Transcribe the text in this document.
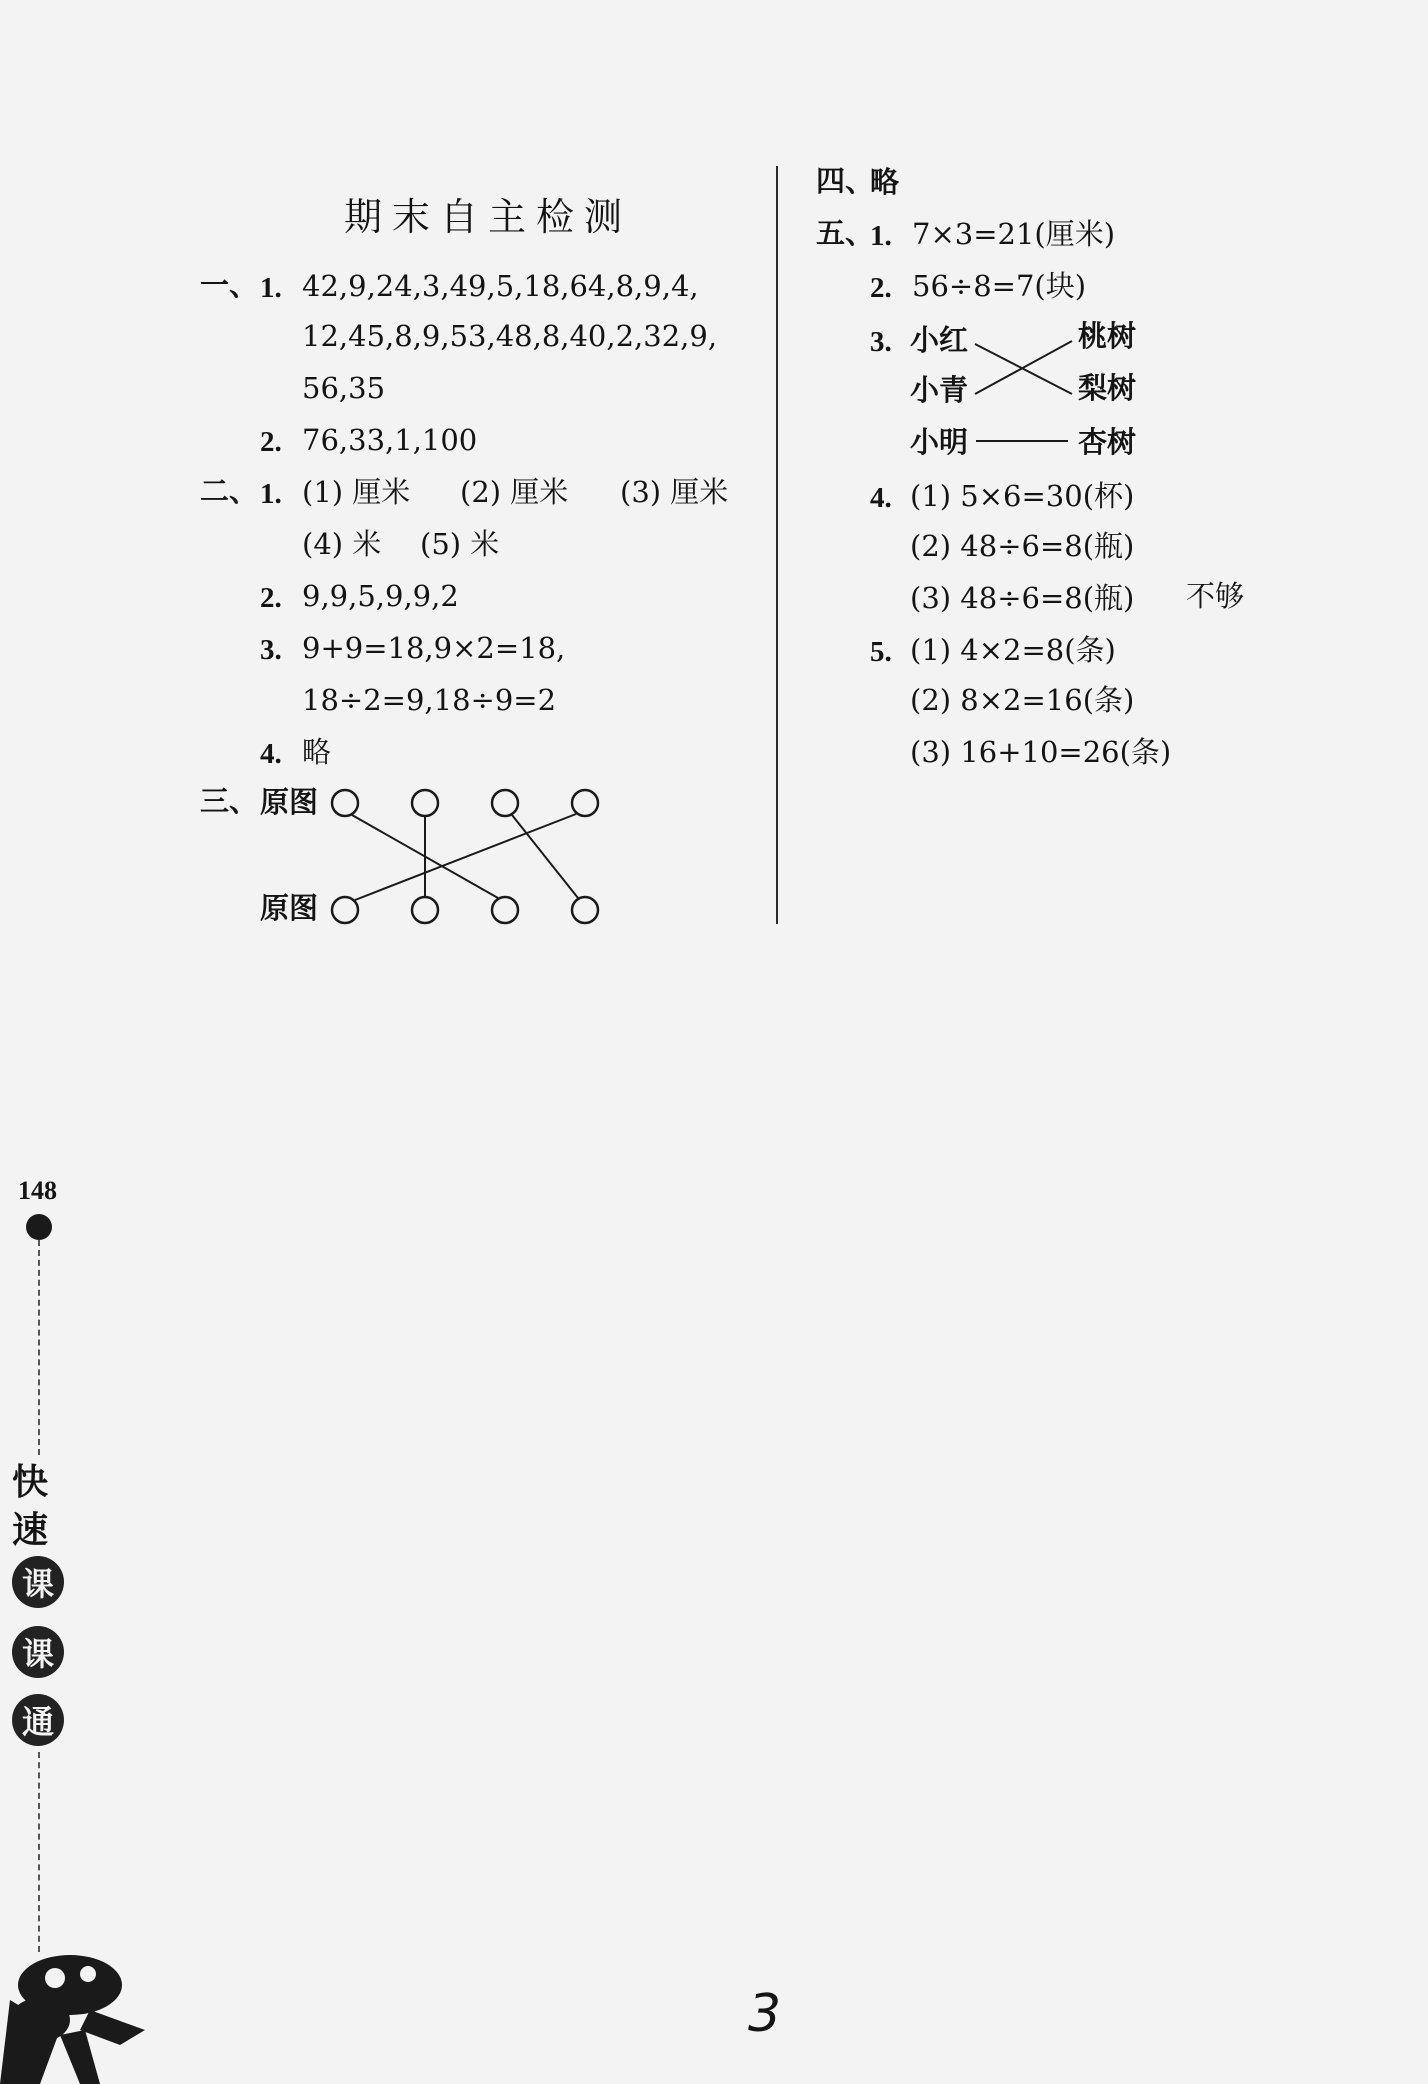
期末自主检测
一、 1. 42,9,24,3,49,5,18,64,8,9,4,
12,45,8,9,53,48,8,40,2,32,9,
56,35
2. 76,33,1,100
二、 1. (1) 厘米 (2) 厘米 (3) 厘米
(4) 米 (5) 米
2. 9,9,5,9,9,2
3. 9+9=18,9×2=18,
18÷2=9,18÷9=2
4. 略
三、 原图
原图
四、
略
五、
1. 7×3=21(厘米)
2. 56÷8=7(块)
3. 小红
小青
小明
桃树
梨树
杏树
4. (1) 5×6=30(杯)
(2) 48÷6=8(瓶)
(3) 48÷6=8(瓶) 不够
5. (1) 4×2=8(条)
(2) 8×2=16(条)
(3) 16+10=26(条)
148
快
速
课
课
通
3
